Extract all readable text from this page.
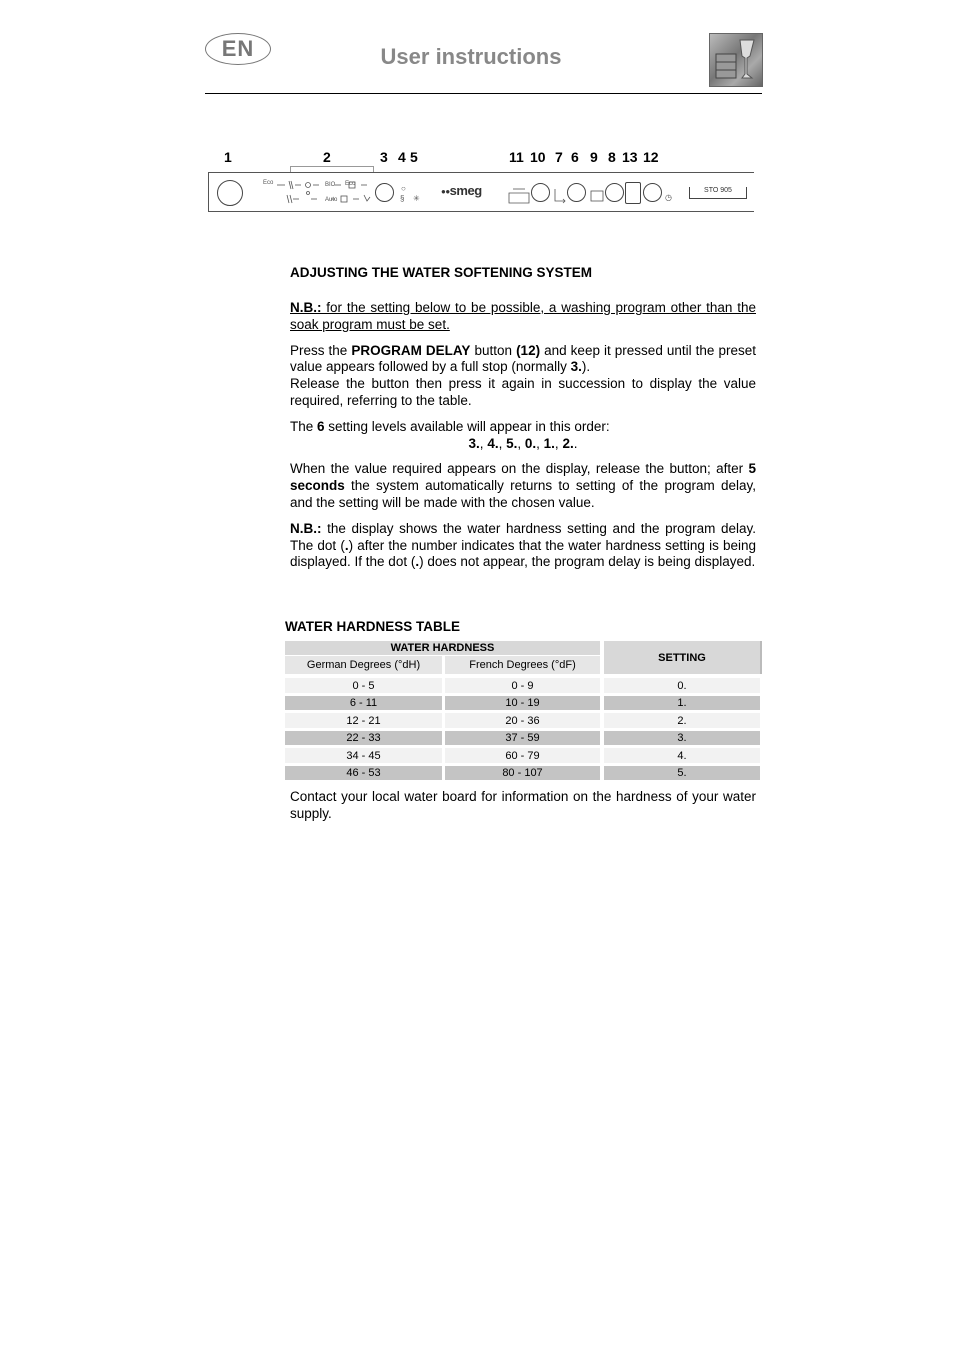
EN	User instructions
1	2	3 4 5	11 10 7 6 9 8 13 12
Eco	BIO Eco
Auto
○
§ ✳
●●smeg	◷
STO 905
ADJUSTING THE WATER SOFTENING SYSTEM

N.B.: for the setting below to be possible, a washing program other than the soak program must be set.

Press the PROGRAM DELAY button (12) and keep it pressed until the preset value appears followed by a full stop (normally 3.).
Release the button then press it again in succession to display the value required, referring to the table.

The 6 setting levels available will appear in this order:

3., 4., 5., 0., 1., 2..

When the value required appears on the display, release the button; after 5 seconds the system automatically returns to setting of the program delay, and the setting will be made with the chosen value.

N.B.: the display shows the water hardness setting and the program delay. The dot (.) after the number indicates that the water hardness setting is being displayed. If the dot (.) does not appear, the program delay is being displayed.

WATER HARDNESS TABLE
WATER HARDNESS
German Degrees (°dH)	French Degrees (°dF)
SETTING
0 - 5	0 - 9	0.
6 - 11	10 - 19	1.
12 - 21	20 - 36	2.
22 - 33	37 - 59	3.
34 - 45	60 - 79	4.
46 - 53	80 - 107	5.

Contact your local water board for information on the hardness of your water supply.
